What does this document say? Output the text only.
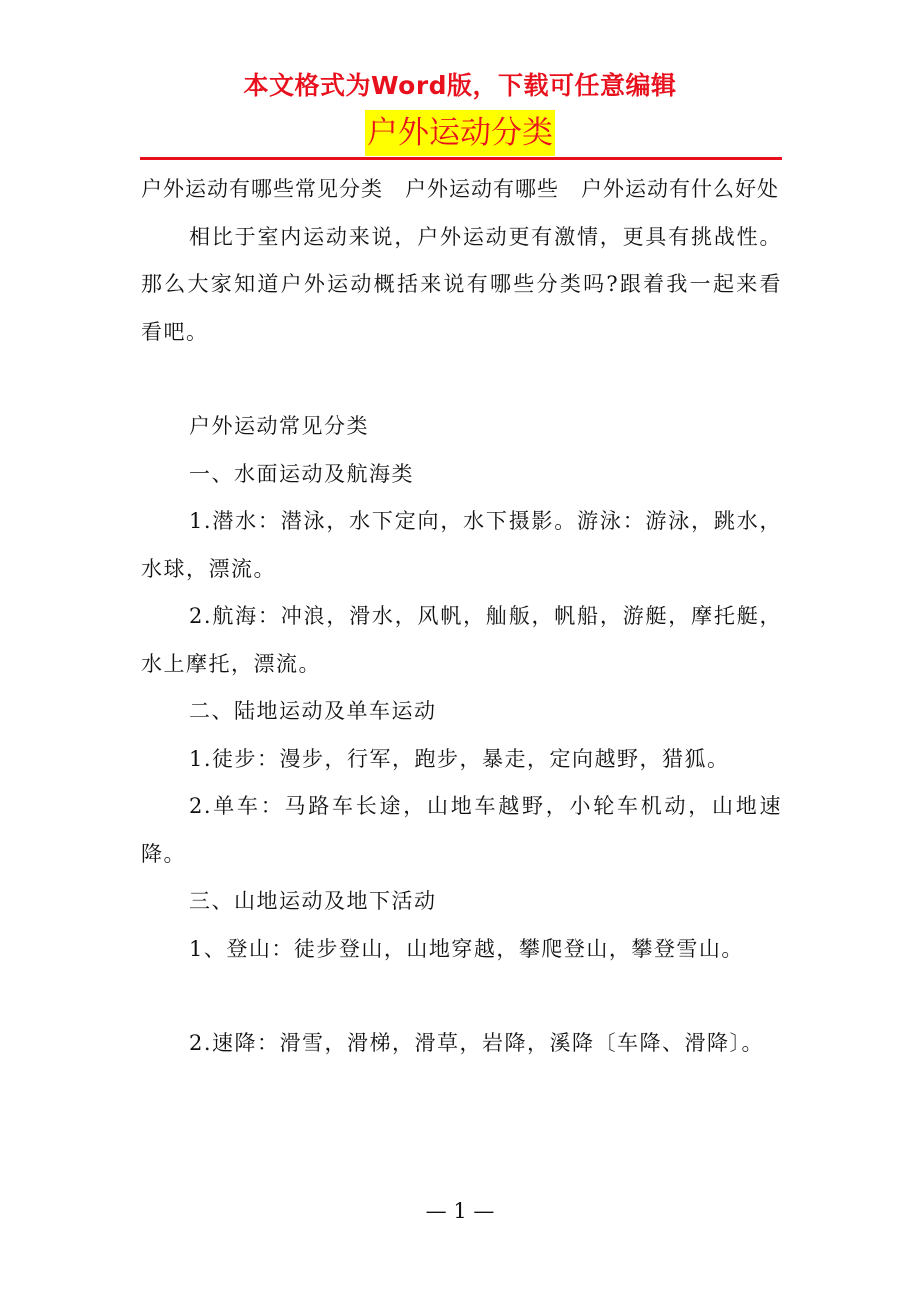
本文格式为Word版，下载可任意编辑
户外运动分类

户外运动有哪些常见分类　户外运动有哪些　户外运动有什么好处

相比于室内运动来说，户外运动更有激情，更具有挑战性。那么大家知道户外运动概括来说有哪些分类吗?跟着我一起来看看吧。

户外运动常见分类

一、水面运动及航海类

1.潜水：潜泳，水下定向，水下摄影。游泳：游泳，跳水，水球，漂流。

2.航海：冲浪，滑水，风帆，舢舨，帆船，游艇，摩托艇，水上摩托，漂流。

二、陆地运动及单车运动

1.徒步：漫步，行军，跑步，暴走，定向越野，猎狐。

2.单车：马路车长途，山地车越野，小轮车机动，山地速降。

三、山地运动及地下活动

1、登山：徒步登山，山地穿越，攀爬登山，攀登雪山。

2.速降：滑雪，滑梯，滑草，岩降，溪降〔车降、滑降〕。

— 1 —
